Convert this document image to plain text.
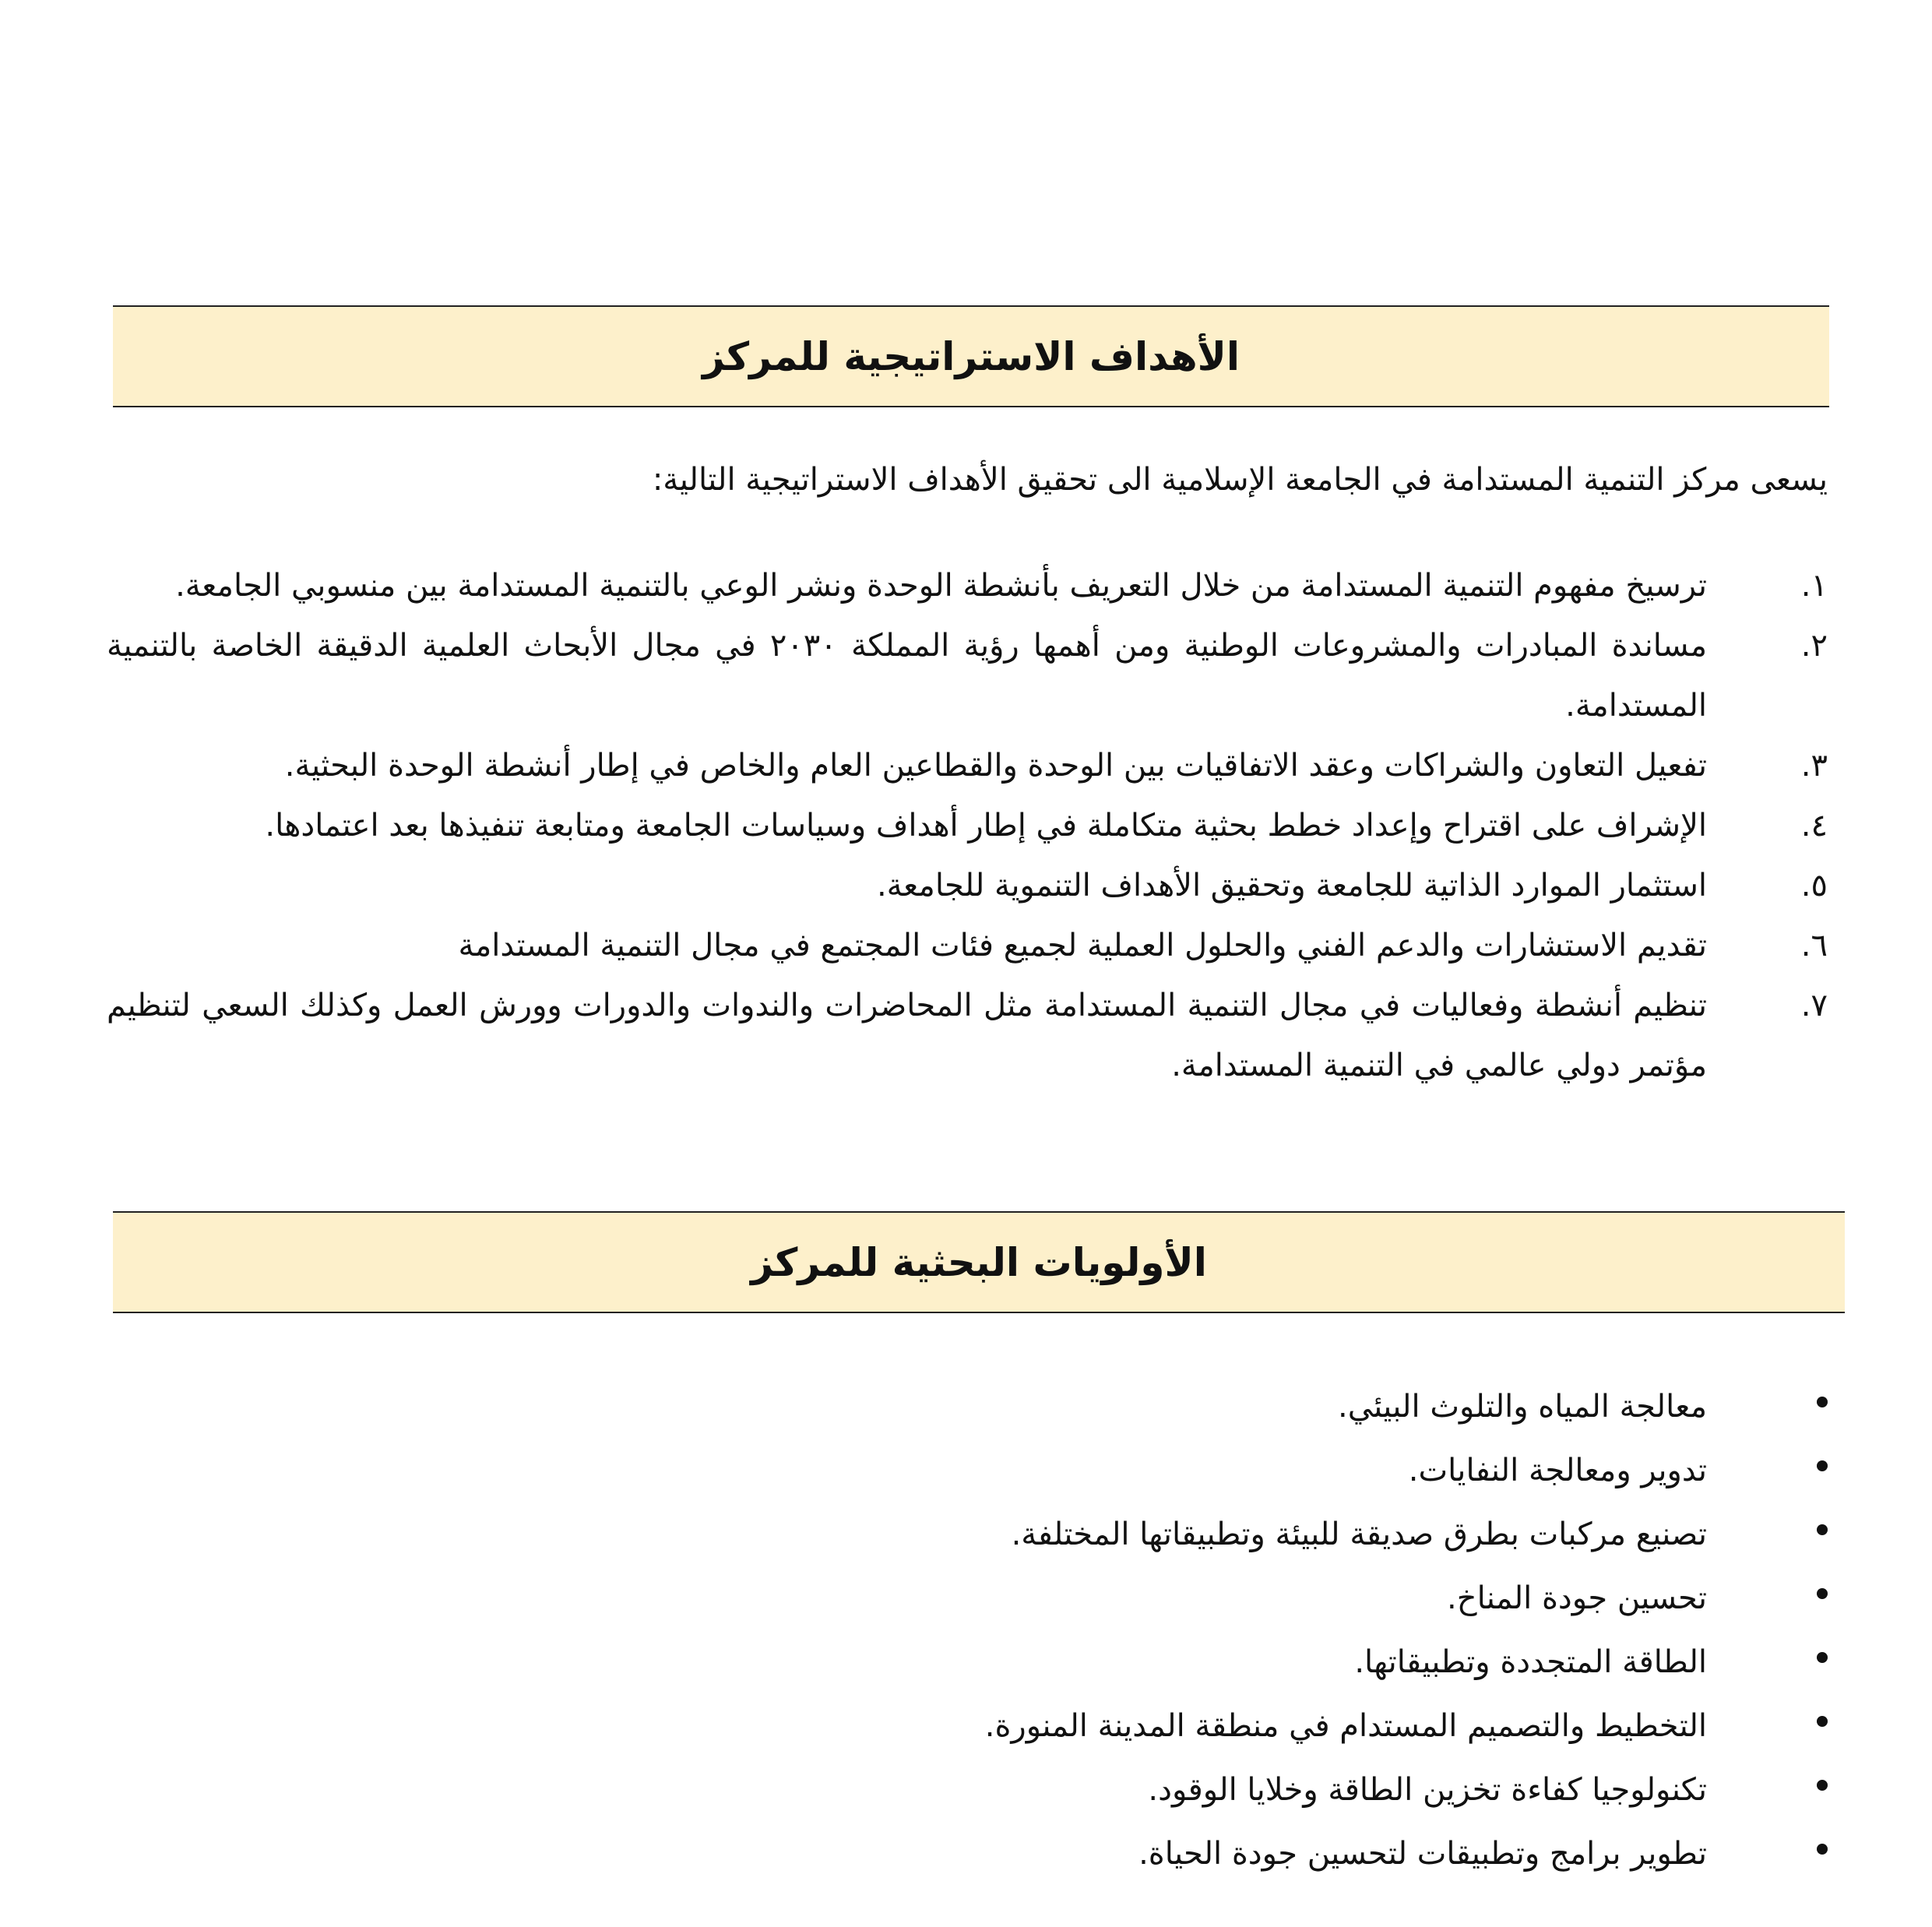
الأهداف الاستراتيجية للمركز

يسعى مركز التنمية المستدامة في الجامعة الإسلامية الى تحقيق الأهداف الاستراتيجية التالية:

١.
ترسيخ مفهوم التنمية المستدامة من خلال التعريف بأنشطة الوحدة ونشر الوعي بالتنمية المستدامة بين منسوبي الجامعة.
٢.
مساندة المبادرات والمشروعات الوطنية ومن أهمها رؤية المملكة ٢٠٣٠ في مجال الأبحاث العلمية الدقيقة الخاصة بالتنمية المستدامة.
٣.
تفعيل التعاون والشراكات وعقد الاتفاقيات بين الوحدة والقطاعين العام والخاص في إطار أنشطة الوحدة البحثية.
٤.
الإشراف على اقتراح وإعداد خطط بحثية متكاملة في إطار أهداف وسياسات الجامعة ومتابعة تنفيذها بعد اعتمادها.
٥.
استثمار الموارد الذاتية للجامعة وتحقيق الأهداف التنموية للجامعة.
٦.
تقديم الاستشارات والدعم الفني والحلول العملية لجميع فئات المجتمع في مجال التنمية المستدامة
٧.
تنظيم أنشطة وفعاليات في مجال التنمية المستدامة مثل المحاضرات والندوات والدورات وورش العمل وكذلك السعي لتنظيم مؤتمر دولي عالمي في التنمية المستدامة.
الأولويات البحثية للمركز
معالجة المياه والتلوث البيئي.
تدوير ومعالجة النفايات.
تصنيع مركبات بطرق صديقة للبيئة وتطبيقاتها المختلفة.
تحسين جودة المناخ.
الطاقة المتجددة وتطبيقاتها.
التخطيط والتصميم المستدام في منطقة المدينة المنورة.
تكنولوجيا كفاءة تخزين الطاقة وخلايا الوقود.
تطوير برامج وتطبيقات لتحسين جودة الحياة.
